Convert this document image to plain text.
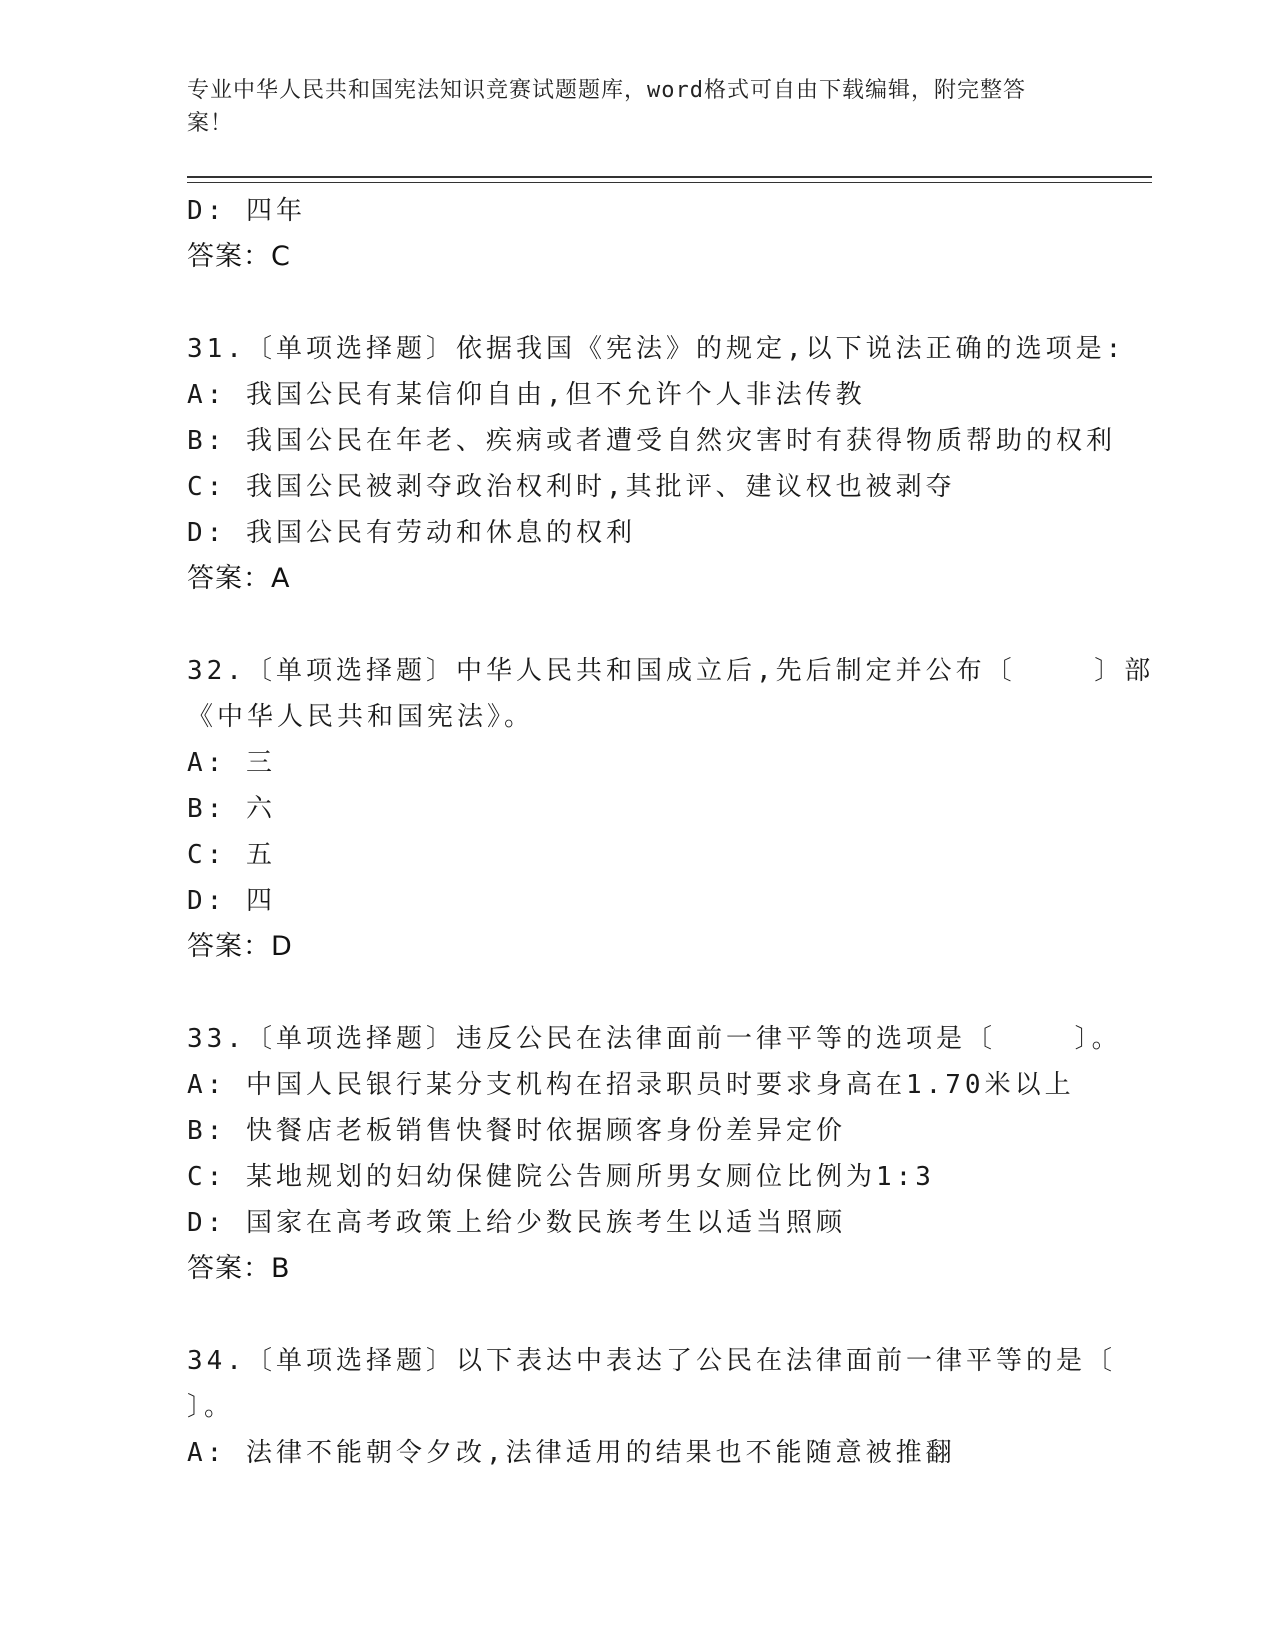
专业中华人民共和国宪法知识竞赛试题题库，word格式可自由下载编辑，附完整答案！
D: 四年
答案：C
31.〔单项选择题〕依据我国《宪法》的规定,以下说法正确的选项是:
A: 我国公民有某信仰自由,但不允许个人非法传教
B: 我国公民在年老、疾病或者遭受自然灾害时有获得物质帮助的权利
C: 我国公民被剥夺政治权利时,其批评、建议权也被剥夺
D: 我国公民有劳动和休息的权利
答案：A
32.〔单项选择题〕中华人民共和国成立后,先后制定并公布〔    〕部
《中华人民共和国宪法》。
A: 三
B: 六
C: 五
D: 四
答案：D
33.〔单项选择题〕违反公民在法律面前一律平等的选项是〔    〕。
A: 中国人民银行某分支机构在招录职员时要求身高在1.70米以上
B: 快餐店老板销售快餐时依据顾客身份差异定价
C: 某地规划的妇幼保健院公告厕所男女厕位比例为1:3
D: 国家在高考政策上给少数民族考生以适当照顾
答案：B
34.〔单项选择题〕以下表达中表达了公民在法律面前一律平等的是〔
〕。
A: 法律不能朝令夕改,法律适用的结果也不能随意被推翻
